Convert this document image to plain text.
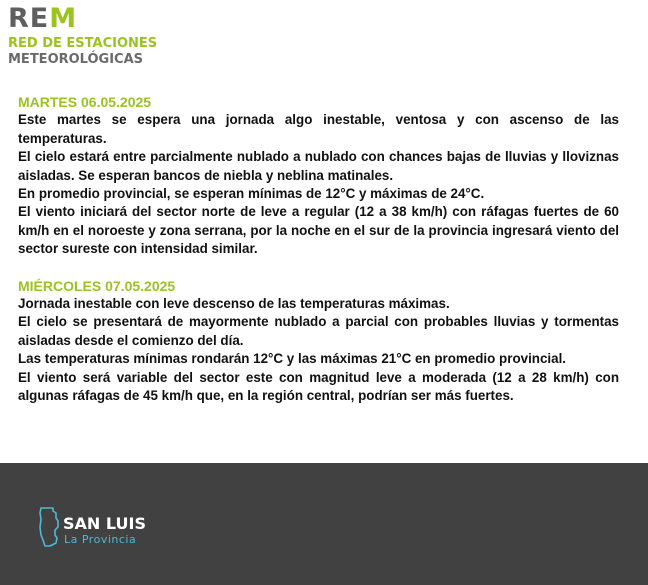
REM
RED DE ESTACIONES
METEOROLÓGICAS
MARTES 06.05.2025

Este martes se espera una jornada algo inestable, ventosa y con ascenso de las temperaturas.

El cielo estará entre parcialmente nublado a nublado con chances bajas de lluvias y lloviznas aisladas. Se esperan bancos de niebla y neblina matinales.

En promedio provincial, se esperan mínimas de 12°C y máximas de 24°C.

El viento iniciará del sector norte de leve a regular (12 a 38 km/h) con ráfagas fuertes de 60 km/h en el noroeste y zona serrana, por la noche en el sur de la provincia ingresará viento del sector sureste con intensidad similar.

MIÉRCOLES 07.05.2025

Jornada inestable con leve descenso de las temperaturas máximas.

El cielo se presentará de mayormente nublado a parcial con probables lluvias y tormentas aisladas desde el comienzo del día.

Las temperaturas mínimas rondarán 12°C y las máximas 21°C en promedio provincial.

El viento será variable del sector este con magnitud leve a moderada (12 a 28 km/h) con algunas ráfagas de 45 km/h que, en la región central, podrían ser más fuertes.

SAN LUIS
La Provincia
